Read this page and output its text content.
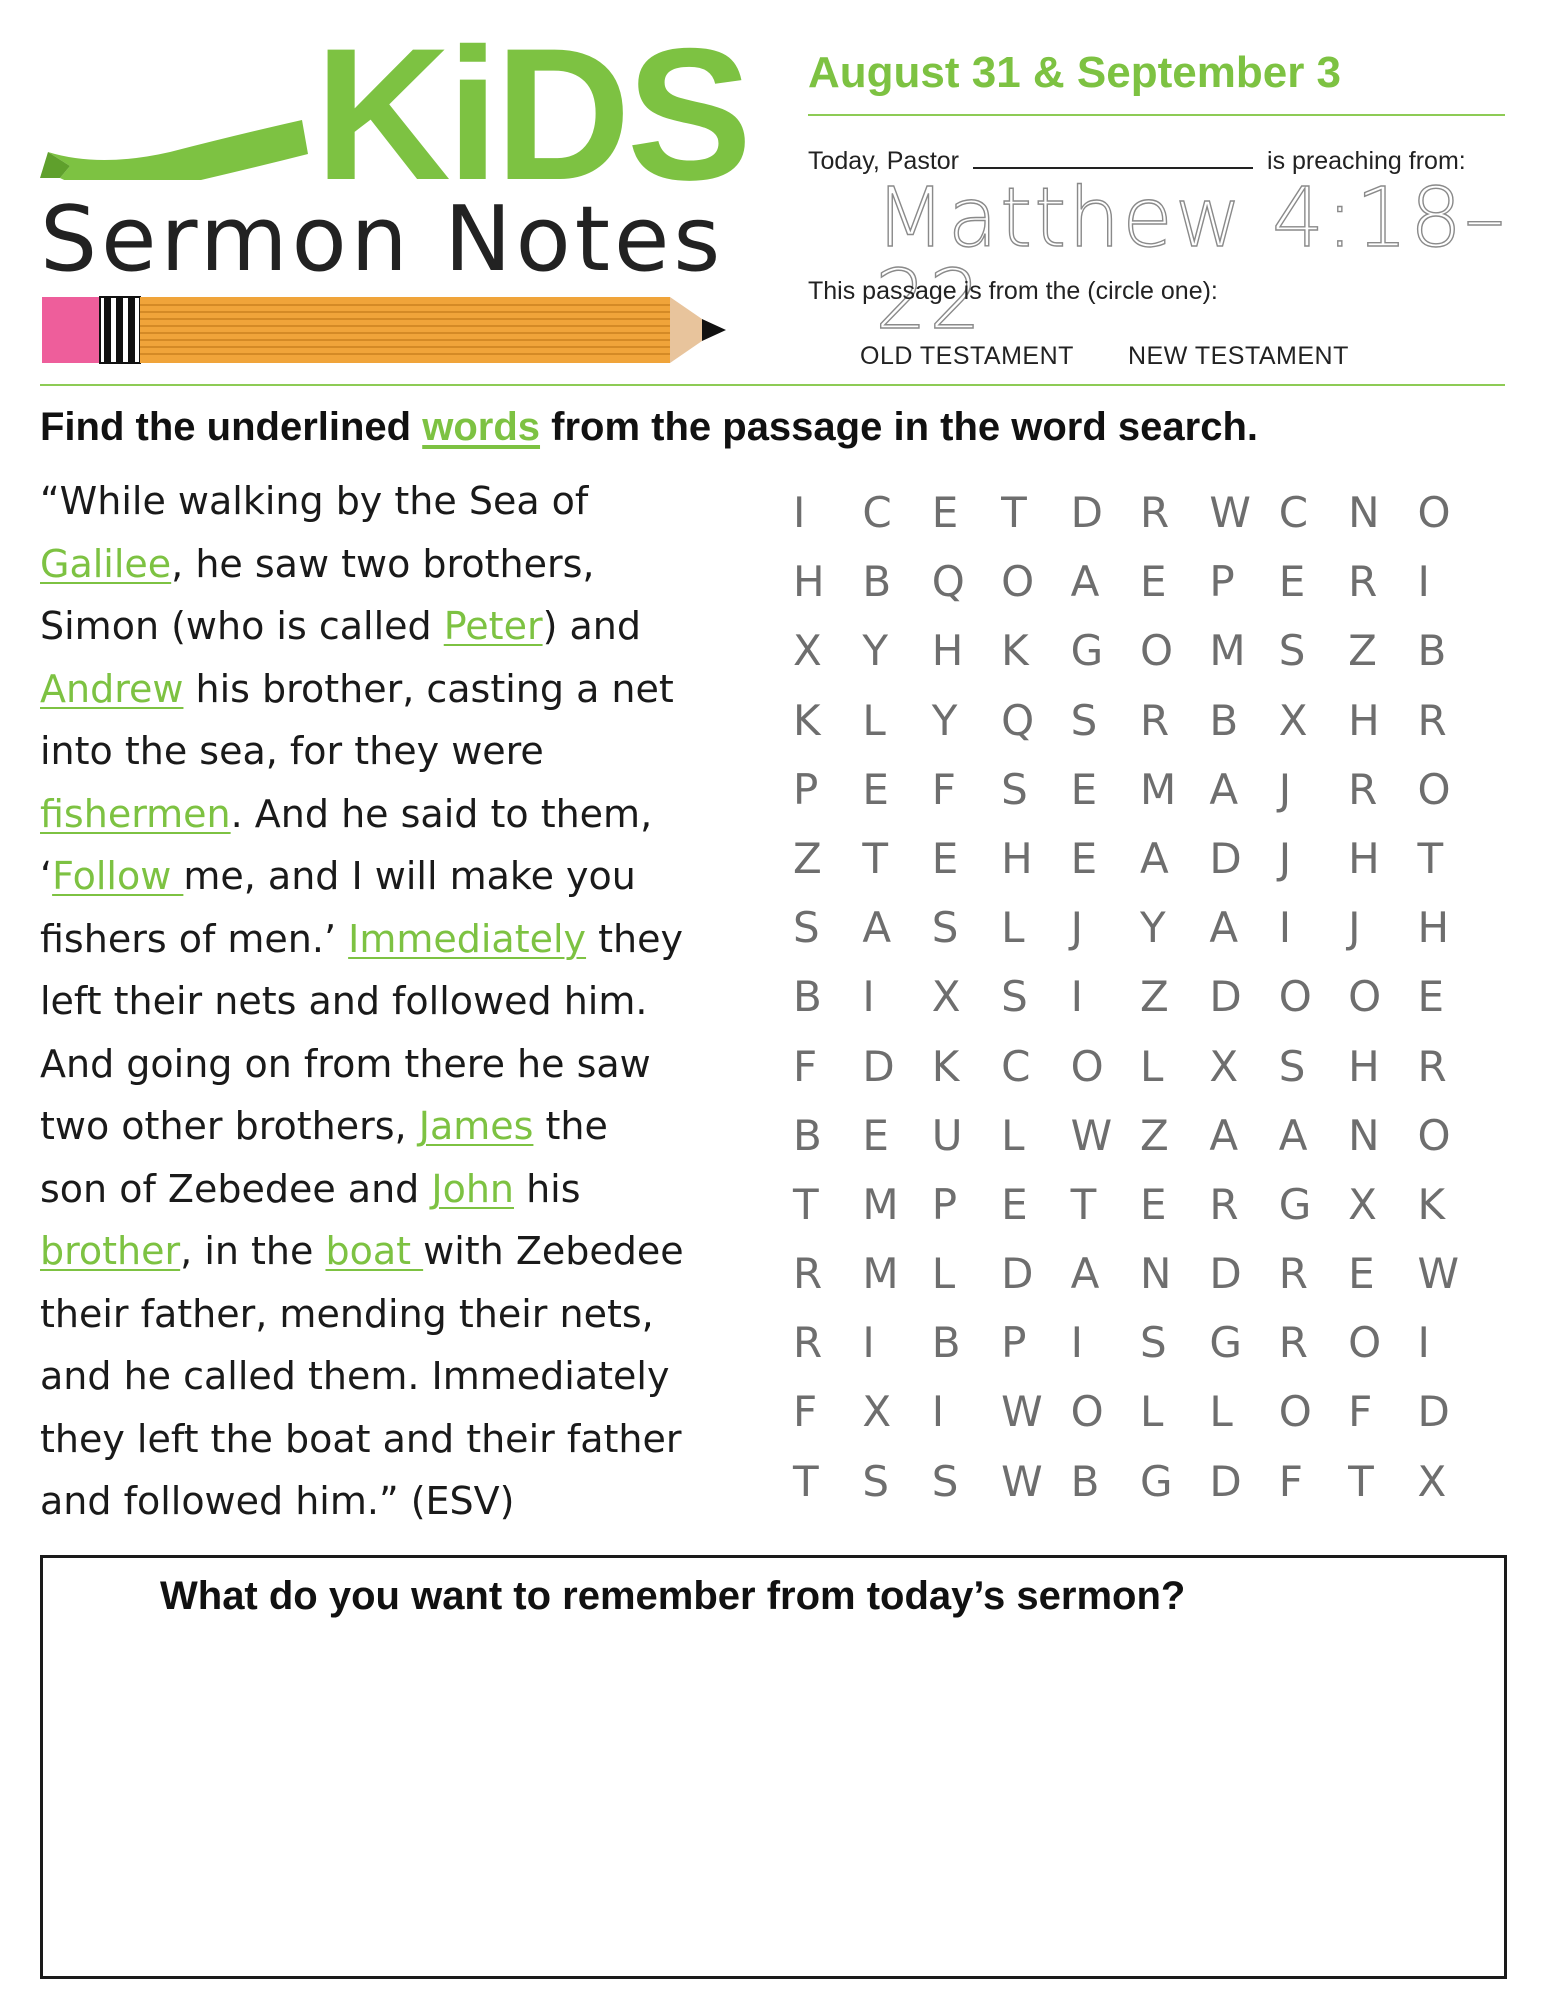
SUMMIT KiDS
Sermon Notes
August 31 & September 3
Today, Pastor	is preaching from:
Matthew 4:18–22
This passage is from the (circle one):
OLD TESTAMENT NEW TESTAMENT
Find the underlined words from the passage in the word search.
“While walking by the Sea of
Galilee, he saw two brothers,
Simon (who is called Peter) and
Andrew his brother, casting a net
into the sea, for they were
fishermen. And he said to them,
‘Follow me, and I will make you
fishers of men.’ Immediately they
left their nets and followed him.
And going on from there he saw
two other brothers, James the
son of Zebedee and John his
brother, in the boat with Zebedee
their father, mending their nets,
and he called them. Immediately
they left the boat and their father
and followed him.” (ESV)
I	C E	T	D R W C N O
H B Q O A E	P	E	R I
X Y	H K G O M S	Z B
K L	Y	Q S	R B X H R
P	E	F	S	E	M A J	R O
Z T	E	H E	A D J	H T
S	A S	L	J	Y	A I	J	H
B I	X S	I	Z D O O E
F	D K C O L	X S	H R
B E	U L	W Z A A N O
T	M P	E	T	E	R G X K
R M L	D A N D R E	W
R I	B P	I	S	G R O I
F	X I	W O L	L	O F	D
T	S	S	W B G D F	T	X
What do you want to remember from today’s sermon?
